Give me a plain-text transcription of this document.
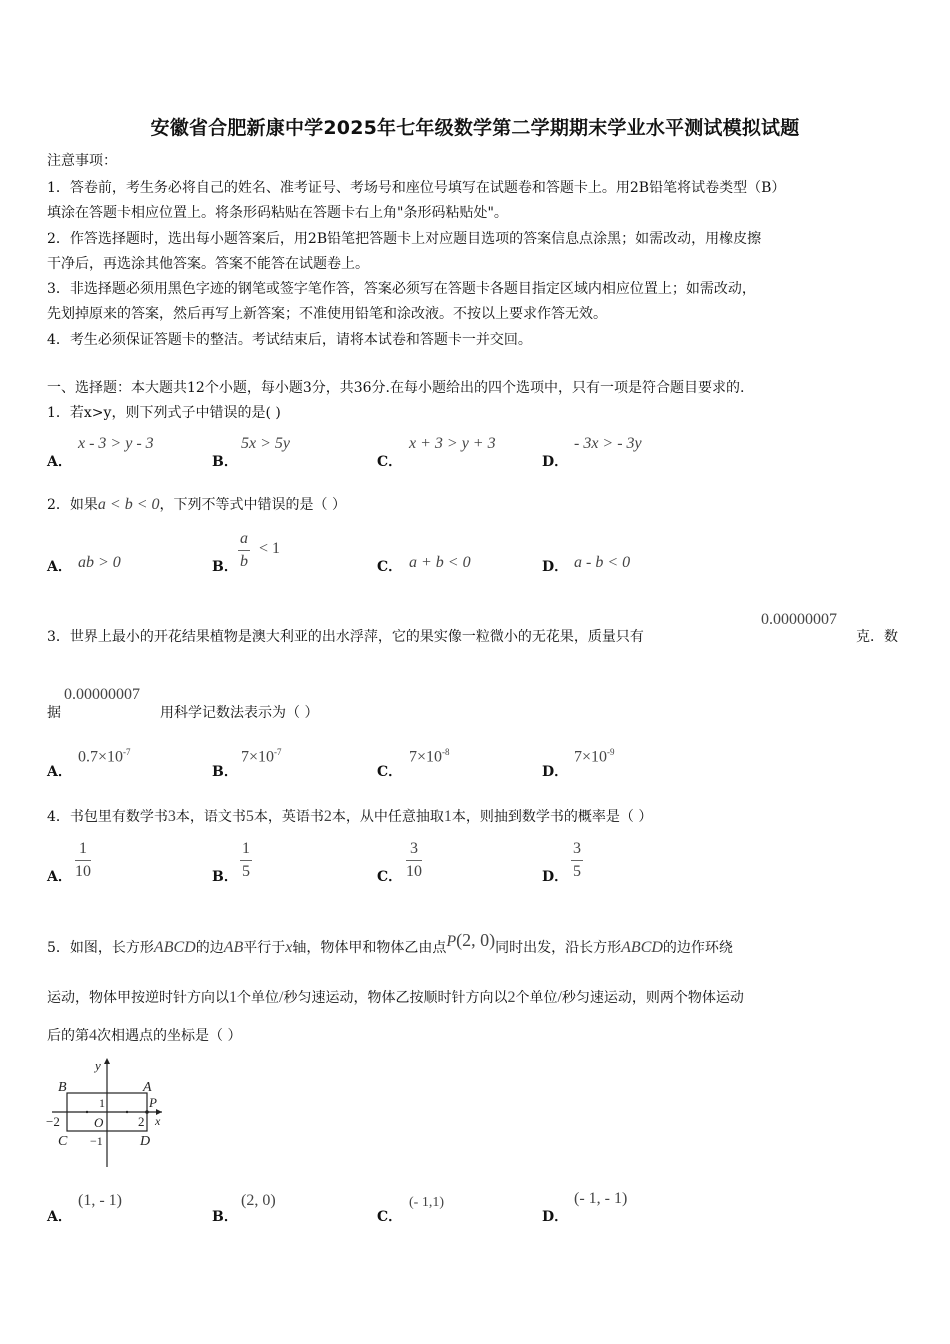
安徽省合肥新康中学2025年七年级数学第二学期期末学业水平测试模拟试题
注意事项：
1．答卷前，考生务必将自己的姓名、准考证号、考场号和座位号填写在试题卷和答题卡上。用2B铅笔将试卷类型（B）
填涂在答题卡相应位置上。将条形码粘贴在答题卡右上角"条形码粘贴处"。
2．作答选择题时，选出每小题答案后，用2B铅笔把答题卡上对应题目选项的答案信息点涂黑；如需改动，用橡皮擦
干净后，再选涂其他答案。答案不能答在试题卷上。
3．非选择题必须用黑色字迹的钢笔或签字笔作答，答案必须写在答题卡各题目指定区域内相应位置上；如需改动，
先划掉原来的答案，然后再写上新答案；不准使用铅笔和涂改液。不按以上要求作答无效。
4．考生必须保证答题卡的整洁。考试结束后，请将本试卷和答题卡一并交回。
一、选择题：本大题共12个小题，每小题3分，共36分.在每小题给出的四个选项中，只有一项是符合题目要求的.
1．若x>y，则下列式子中错误的是( )
A．
x - 3 > y - 3
B．
5x > 5y
C．
x + 3 > y + 3
D．
- 3x > - 3y
2．如果a < b < 0，下列不等式中错误的是（ ）
A． ab > 0	B． $\frac{a}{b} < 1$
C． a + b < 0	D． a - b < 0
3．世界上最小的开花结果植物是澳大利亚的出水浮萍，它的果实像一粒微小的无花果，质量只有
0.00000007
克．数
据
0.00000007
用科学记数法表示为（ ）
A．
$0.7\times 10^{-7}$
B．
$7\times 10^{-7}$
C．
$7\times 10^{-8}$
D．
$7\times 10^{-9}$
4．书包里有数学书3本，语文书5本，英语书2本，从中任意抽取1本，则抽到数学书的概率是（ ）
A． $\frac{1}{10}$	B． $\frac{1}{5}$	C． $\frac{3}{10}$	D． $\frac{3}{5}$
5．如图，长方形ABCD的边AB平行于x轴，物体甲和物体乙由点P(2, 0)同时出发，沿长方形ABCD的边作环绕
运动，物体甲按逆时针方向以1个单位/秒匀速运动，物体乙按顺时针方向以2个单位/秒匀速运动，则两个物体运动
后的第4次相遇点的坐标是（ ）
B	A
C	D
O
P
y
x
1
−1
2
−2
A．
(1, - 1)
B．
(2, 0)
C．
(- 1,1)
D．
(- 1, - 1)
